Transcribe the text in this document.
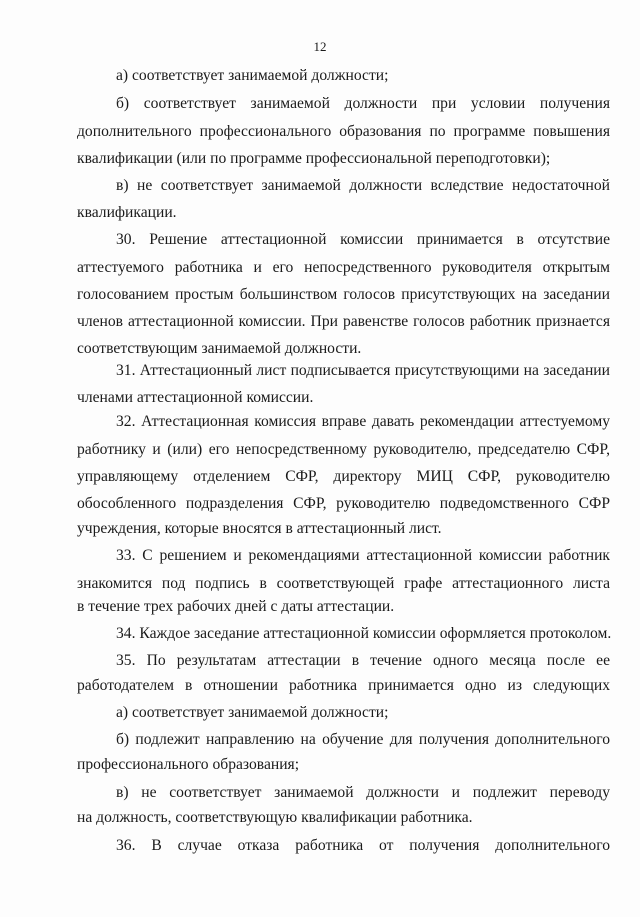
12
а) соответствует занимаемой должности;
б) соответствует занимаемой должности при условии получения
дополнительного профессионального образования по программе повышения
квалификации (или по программе профессиональной переподготовки);
в) не соответствует занимаемой должности вследствие недостаточной
квалификации.
30. Решение аттестационной комиссии принимается в отсутствие
аттестуемого работника и его непосредственного руководителя открытым
голосованием простым большинством голосов присутствующих на заседании
членов аттестационной комиссии. При равенстве голосов работник признается
соответствующим занимаемой должности.
31. Аттестационный лист подписывается присутствующими на заседании
членами аттестационной комиссии.
32. Аттестационная комиссия вправе давать рекомендации аттестуемому
работнику и (или) его непосредственному руководителю, председателю СФР,
управляющему отделением СФР, директору МИЦ СФР, руководителю
обособленного подразделения СФР, руководителю подведомственного СФР
учреждения, которые вносятся в аттестационный лист.
33. С решением и рекомендациями аттестационной комиссии работник
знакомится под подпись в соответствующей графе аттестационного листа
в течение трех рабочих дней с даты аттестации.
34. Каждое заседание аттестационной комиссии оформляется протоколом.
35. По результатам аттестации в течение одного месяца после ее
работодателем в отношении работника принимается одно из следующих
а) соответствует занимаемой должности;
б) подлежит направлению на обучение для получения дополнительного
профессионального образования;
в) не соответствует занимаемой должности и подлежит переводу
на должность, соответствующую квалификации работника.
36. В случае отказа работника от получения дополнительного
